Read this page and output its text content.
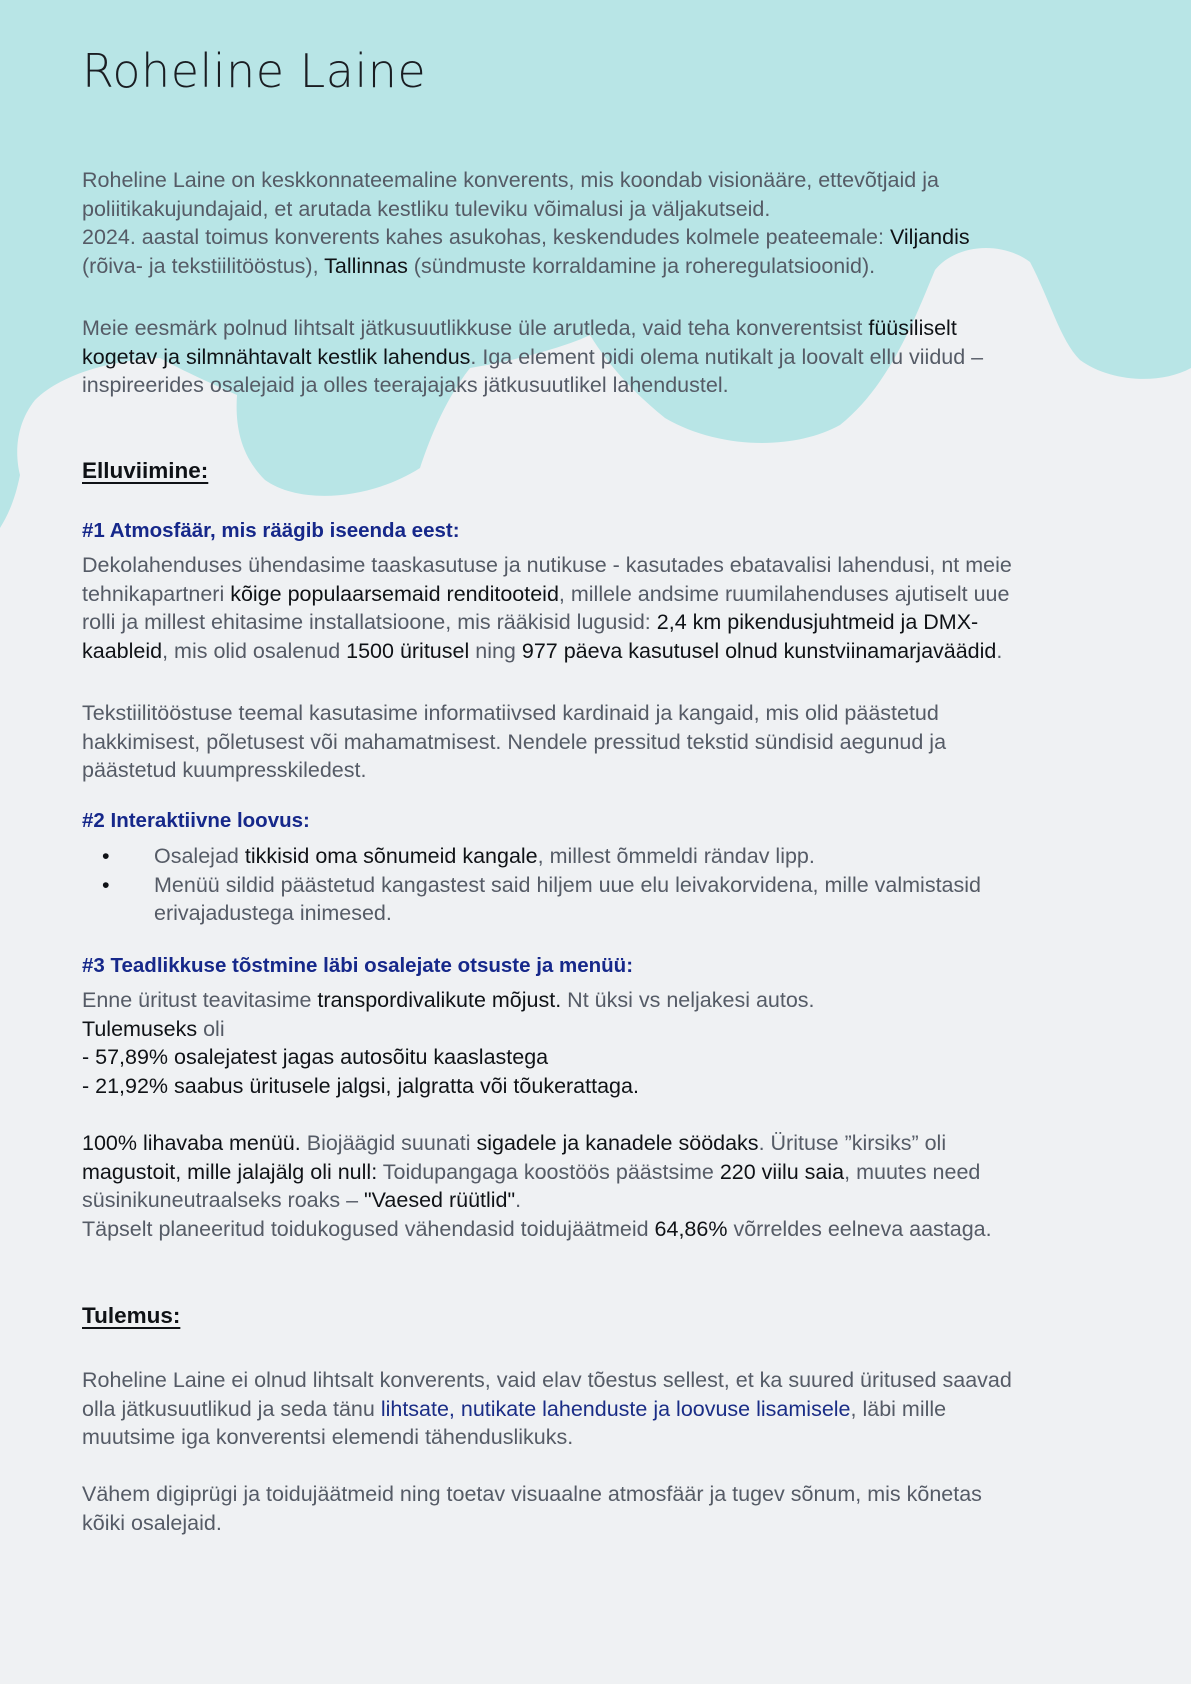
Roheline Laine

Roheline Laine on keskkonnateemaline konverents, mis koondab visionääre, ettevõtjaid ja
poliitikakujundajaid, et arutada kestliku tuleviku võimalusi ja väljakutseid.
2024. aastal toimus konverents kahes asukohas, keskendudes kolmele peateemale: Viljandis
(rõiva- ja tekstiilitööstus), Tallinnas (sündmuste korraldamine ja roheregulatsioonid).

Meie eesmärk polnud lihtsalt jätkusuutlikkuse üle arutleda, vaid teha konverentsist füüsiliselt
kogetav ja silmnähtavalt kestlik lahendus. Iga element pidi olema nutikalt ja loovalt ellu viidud –
inspireerides osalejaid ja olles teerajajaks jätkusuutlikel lahendustel.

Elluviimine:
#1 Atmosfäär, mis räägib iseenda eest:

Dekolahenduses ühendasime taaskasutuse ja nutikuse - kasutades ebatavalisi lahendusi, nt meie
tehnikapartneri kõige populaarsemaid renditooteid, millele andsime ruumilahenduses ajutiselt uue
rolli ja millest ehitasime installatsioone, mis rääkisid lugusid: 2,4 km pikendusjuhtmeid ja DMX-
kaableid, mis olid osalenud 1500 üritusel ning 977 päeva kasutusel olnud kunstviinamarjaväädid.

Tekstiilitööstuse teemal kasutasime informatiivsed kardinaid ja kangaid, mis olid päästetud
hakkimisest, põletusest või mahamatmisest. Nendele pressitud tekstid sündisid aegunud ja
päästetud kuumpresskiledest.

#2 Interaktiivne loovus:
• Osalejad tikkisid oma sõnumeid kangale, millest õmmeldi rändav lipp.
• Menüü sildid päästetud kangastest said hiljem uue elu leivakorvidena, mille valmistasid
erivajadustega inimesed.
#3 Teadlikkuse tõstmine läbi osalejate otsuste ja menüü:

Enne üritust teavitasime transpordivalikute mõjust. Nt üksi vs neljakesi autos.
Tulemuseks oli
- 57,89% osalejatest jagas autosõitu kaaslastega
- 21,92% saabus üritusele jalgsi, jalgratta või tõukerattaga.

100% lihavaba menüü. Biojäägid suunati sigadele ja kanadele söödaks. Ürituse ”kirsiks” oli
magustoit, mille jalajälg oli null: Toidupangaga koostöös päästsime 220 viilu saia, muutes need
süsinikuneutraalseks roaks – "Vaesed rüütlid".
Täpselt planeeritud toidukogused vähendasid toidujäätmeid 64,86% võrreldes eelneva aastaga.

Tulemus:

Roheline Laine ei olnud lihtsalt konverents, vaid elav tõestus sellest, et ka suured üritused saavad
olla jätkusuutlikud ja seda tänu lihtsate, nutikate lahenduste ja loovuse lisamisele, läbi mille
muutsime iga konverentsi elemendi tähenduslikuks.

Vähem digiprügi ja toidujäätmeid ning toetav visuaalne atmosfäär ja tugev sõnum, mis kõnetas
kõiki osalejaid.
